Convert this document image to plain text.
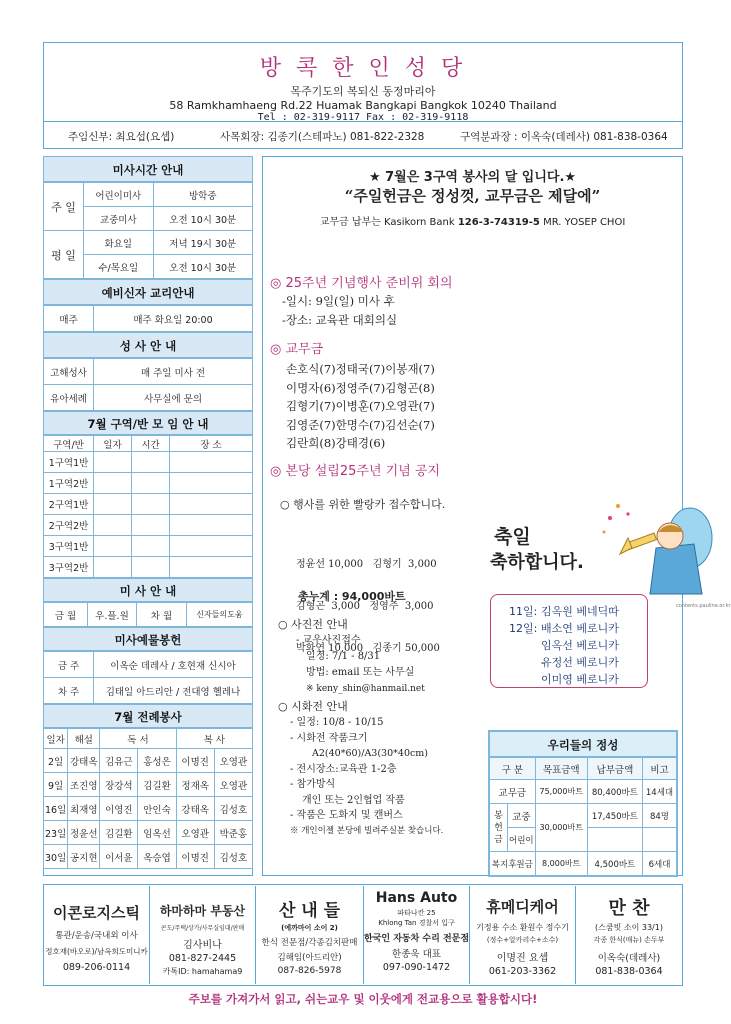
방 콕 한 인 성 당
목주기도의 복되신 동정마리아
58 Ramkhamhaeng Rd.22 Huamak Bangkapi Bangkok 10240 Thailand
Tel : 02-319-9117 Fax : 02-319-9118
주임신부: 최요섭(요셉)	사목회장: 김종기(스테파노) 081-822-2328	구역분과장 : 이옥숙(데레사) 081-838-0364
미사시간 안내
주 일	어린이미사	방학중
	교중미사	오전 10시 30분
평 일	화요일	저녁 19시 30분
	수/목요일	오전 10시 30분
예비신자 교리안내
매주	매주 화요일 20:00
성 사 안 내
고해성사	매 주일 미사 전
유아세례	사무실에 문의
7월 구역/반 모 임 안 내
구역/반	일자	시간	장 소
1구역1반			
1구역2반			
2구역1반			
2구역2반			
3구역1반			
3구역2반			
미 사 안 내
금 월	우.플.원	차 월	신자들의도움
미사예물봉헌
금 주	이옥순 데레사 / 호현재 신시아
차 주	김태일 아드리안 / 전대영 헬레나
7월 전례봉사
일자	해설	독 서		복 사	
2일	강태옥	김유근	홍성은	이명진	오영관
9일	조진영	장강석	김길환	정재옥	오영관
16일	최재영	이영진	안인숙	강태옥	김성호
23일	정윤선	김길환	임옥선	오영관	박준홍
30일	공지현	이서윤	옥승엽	이명진	김성호
★ 7월은 3구역 봉사의 달 입니다.★
“주일헌금은 정성껏, 교무금은 제달에”
교무금 납부는 Kasikorn Bank 126-3-74319-5 MR. YOSEP CHOI
◎ 25주년 기념행사 준비위 회의
-일시: 9일(일) 미사 후
-장소: 교육관 대회의실
◎ 교무금
손호식(7)정태국(7)이봉재(7)
이명자(6)정영주(7)김형곤(8)
김형기(7)이병훈(7)오영관(7)
김영준(7)한명수(7)김선순(7)
김란희(8)강태경(6)
◎ 본당 설립25주년 기념 공지
○ 행사를 위한 빨랑카 접수합니다.

정윤선 10,000   김형기  3,000

김형곤  3,000   정영주  3,000

박화연 10,000   김종기 50,000

총누계 : 94,000바트
○ 사진전 안내
- 교우사진접수
일정: 7/1 - 8/31
방법: email 또는 사무실
※ keny_shin@hanmail.net
○ 시화전 안내
- 일정: 10/8 - 10/15
- 시화전 작품크기
A2(40*60)/A3(30*40cm)
- 전시장소:교육관 1-2층
- 참가방식
개인 또는 2인협업 작품
- 작품은 도화지 및 캔버스
※ 개인이젤 본당에 빌려주실분 찾습니다.
축일
축하합니다.
contents.pauline.or.kr
11일: 김옥원 베네딕따
12일: 배소연 베로니카
임옥선 베로니카
유정선 베로니카
이미영 베로니카
우리들의 정성
구 분		목표금액	납부금액	비고
교무금		75,000바트	80,400바트	14세대
봉헌금	교중	30,000바트	17,450바트	84명
	어린이			
복지후원금		8,000바트	4,500바트	6세대
이콘로지스틱
통관/운송/국내외 이사
정호재(바오로)/남옥희도미니카
089-206-0114
하마하마 부동산
콘도/주택/상가/사무실임대/판매
김사비나
081-827-2445
카톡ID: hamahama9
산 내 들
(에까마이 소이 2)
한식 전문점/각종김치판매
김해임(아드리안)
087-826-5978
Hans Auto
파타나칸 25
Khlong Tan 경찰서 입구
한국인 자동차 수리 전문점
한종욱 대표
097-090-1472
휴메디케어
기정용 수소 환원수 정수기
(정수+알카리수+소수)
이명진 요셉
061-203-3362
만 찬
(스쿰빗 소이 33/1)
각종 한식(매뉴) 손두부
이옥숙(데레사)
081-838-0364
주보를 가져가서 읽고, 쉬는교우 및 이웃에게 전교용으로 활용합시다!
